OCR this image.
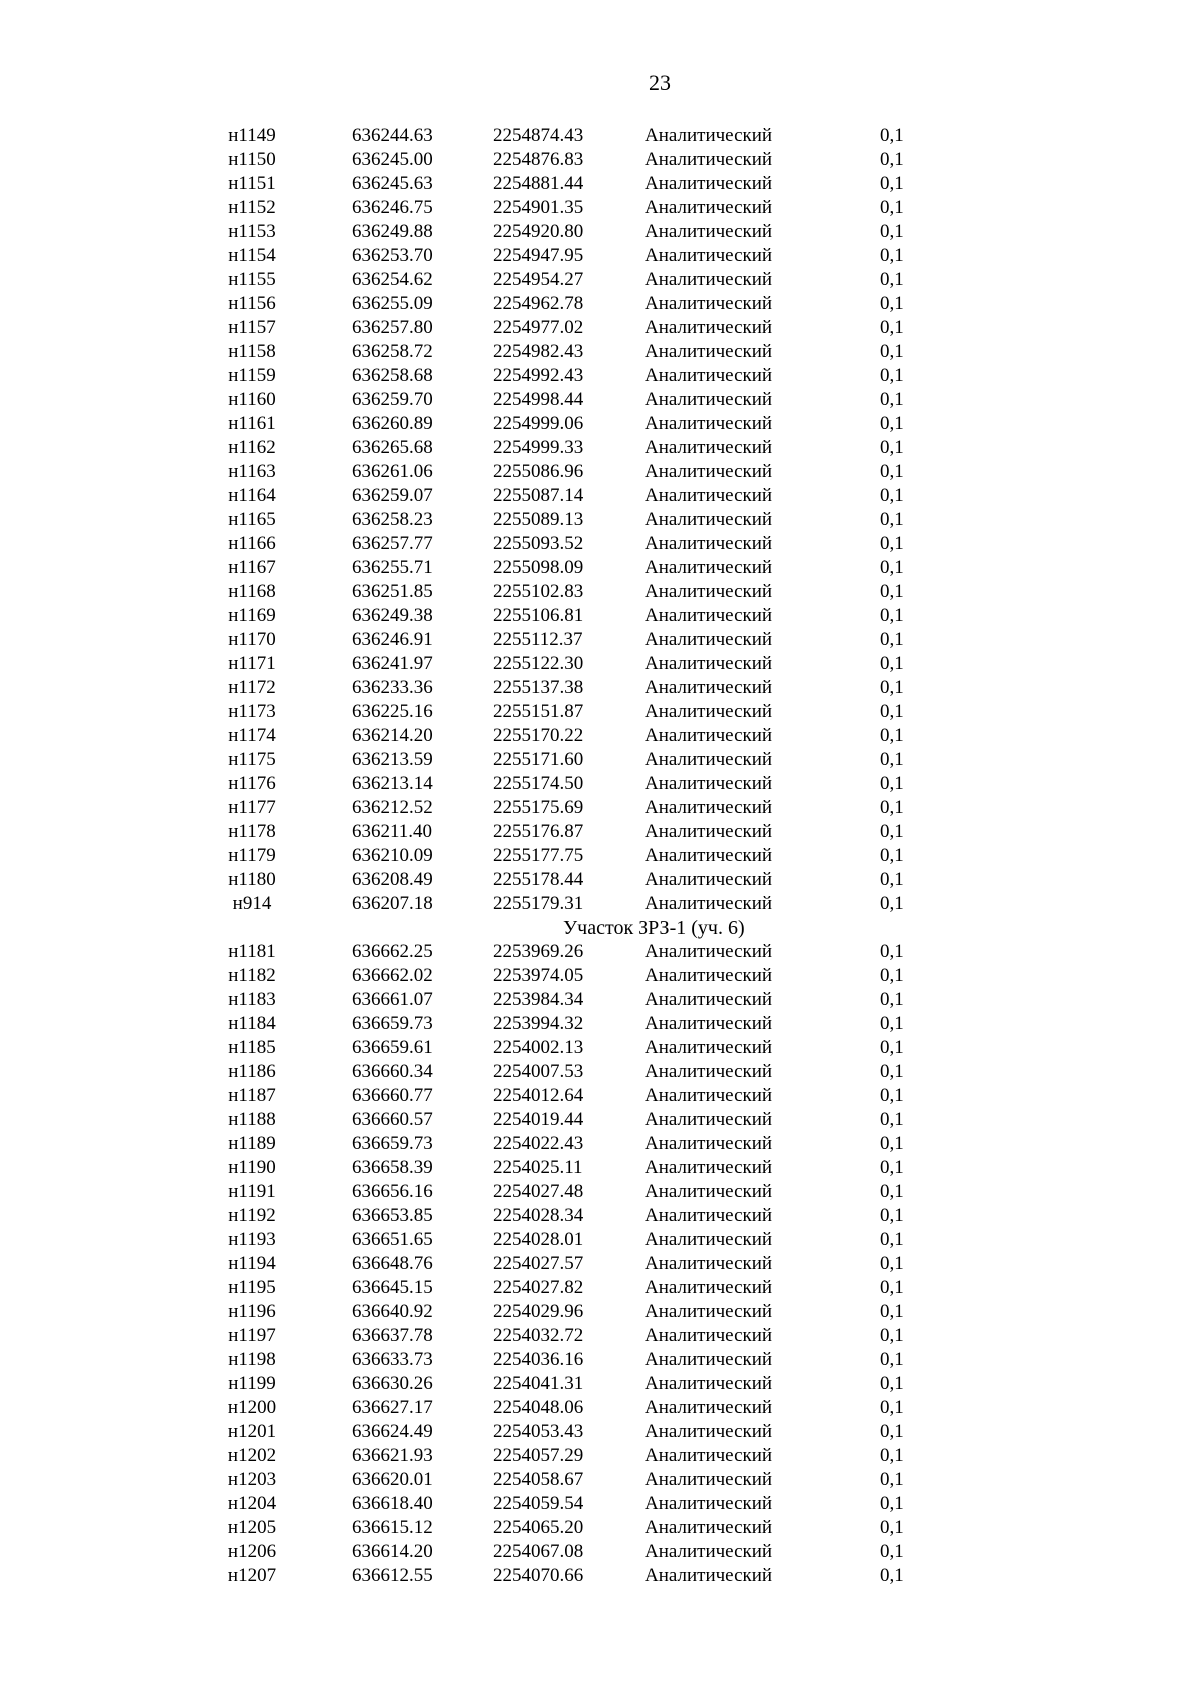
23
н1149	636244.63	2254874.43	Аналитический	0,1
н1150	636245.00	2254876.83	Аналитический	0,1
н1151	636245.63	2254881.44	Аналитический	0,1
н1152	636246.75	2254901.35	Аналитический	0,1
н1153	636249.88	2254920.80	Аналитический	0,1
н1154	636253.70	2254947.95	Аналитический	0,1
н1155	636254.62	2254954.27	Аналитический	0,1
н1156	636255.09	2254962.78	Аналитический	0,1
н1157	636257.80	2254977.02	Аналитический	0,1
н1158	636258.72	2254982.43	Аналитический	0,1
н1159	636258.68	2254992.43	Аналитический	0,1
н1160	636259.70	2254998.44	Аналитический	0,1
н1161	636260.89	2254999.06	Аналитический	0,1
н1162	636265.68	2254999.33	Аналитический	0,1
н1163	636261.06	2255086.96	Аналитический	0,1
н1164	636259.07	2255087.14	Аналитический	0,1
н1165	636258.23	2255089.13	Аналитический	0,1
н1166	636257.77	2255093.52	Аналитический	0,1
н1167	636255.71	2255098.09	Аналитический	0,1
н1168	636251.85	2255102.83	Аналитический	0,1
н1169	636249.38	2255106.81	Аналитический	0,1
н1170	636246.91	2255112.37	Аналитический	0,1
н1171	636241.97	2255122.30	Аналитический	0,1
н1172	636233.36	2255137.38	Аналитический	0,1
н1173	636225.16	2255151.87	Аналитический	0,1
н1174	636214.20	2255170.22	Аналитический	0,1
н1175	636213.59	2255171.60	Аналитический	0,1
н1176	636213.14	2255174.50	Аналитический	0,1
н1177	636212.52	2255175.69	Аналитический	0,1
н1178	636211.40	2255176.87	Аналитический	0,1
н1179	636210.09	2255177.75	Аналитический	0,1
н1180	636208.49	2255178.44	Аналитический	0,1
н914	636207.18	2255179.31	Аналитический	0,1
Участок ЗРЗ-1 (уч. 6)
н1181	636662.25	2253969.26	Аналитический	0,1
н1182	636662.02	2253974.05	Аналитический	0,1
н1183	636661.07	2253984.34	Аналитический	0,1
н1184	636659.73	2253994.32	Аналитический	0,1
н1185	636659.61	2254002.13	Аналитический	0,1
н1186	636660.34	2254007.53	Аналитический	0,1
н1187	636660.77	2254012.64	Аналитический	0,1
н1188	636660.57	2254019.44	Аналитический	0,1
н1189	636659.73	2254022.43	Аналитический	0,1
н1190	636658.39	2254025.11	Аналитический	0,1
н1191	636656.16	2254027.48	Аналитический	0,1
н1192	636653.85	2254028.34	Аналитический	0,1
н1193	636651.65	2254028.01	Аналитический	0,1
н1194	636648.76	2254027.57	Аналитический	0,1
н1195	636645.15	2254027.82	Аналитический	0,1
н1196	636640.92	2254029.96	Аналитический	0,1
н1197	636637.78	2254032.72	Аналитический	0,1
н1198	636633.73	2254036.16	Аналитический	0,1
н1199	636630.26	2254041.31	Аналитический	0,1
н1200	636627.17	2254048.06	Аналитический	0,1
н1201	636624.49	2254053.43	Аналитический	0,1
н1202	636621.93	2254057.29	Аналитический	0,1
н1203	636620.01	2254058.67	Аналитический	0,1
н1204	636618.40	2254059.54	Аналитический	0,1
н1205	636615.12	2254065.20	Аналитический	0,1
н1206	636614.20	2254067.08	Аналитический	0,1
н1207	636612.55	2254070.66	Аналитический	0,1
